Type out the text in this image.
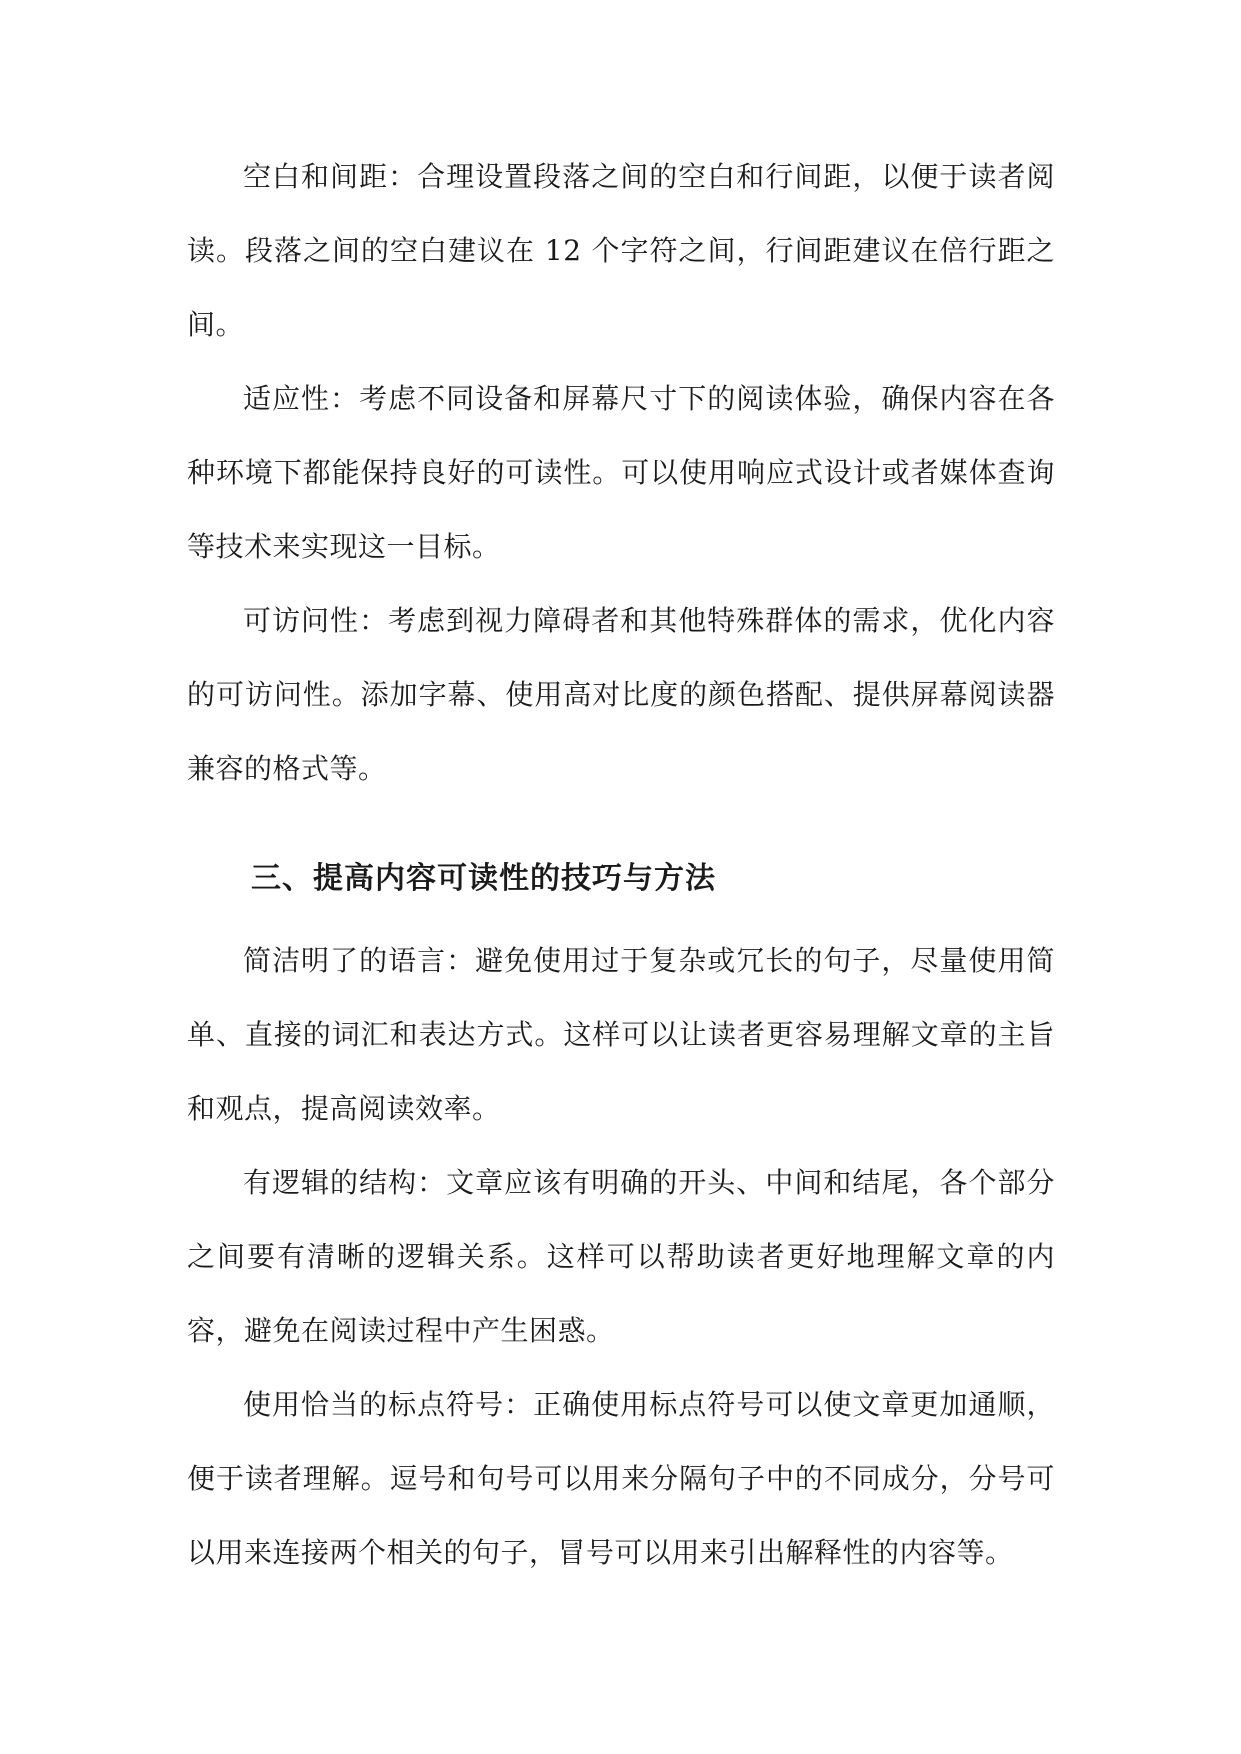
空白和间距：合理设置段落之间的空白和行间距，以便于读者阅读。段落之间的空白建议在 12 个字符之间，行间距建议在倍行距之间。

适应性：考虑不同设备和屏幕尺寸下的阅读体验，确保内容在各种环境下都能保持良好的可读性。可以使用响应式设计或者媒体查询等技术来实现这一目标。

可访问性：考虑到视力障碍者和其他特殊群体的需求，优化内容的可访问性。添加字幕、使用高对比度的颜色搭配、提供屏幕阅读器兼容的格式等。

三、提高内容可读性的技巧与方法

简洁明了的语言：避免使用过于复杂或冗长的句子，尽量使用简单、直接的词汇和表达方式。这样可以让读者更容易理解文章的主旨和观点，提高阅读效率。

有逻辑的结构：文章应该有明确的开头、中间和结尾，各个部分之间要有清晰的逻辑关系。这样可以帮助读者更好地理解文章的内容，避免在阅读过程中产生困惑。

使用恰当的标点符号：正确使用标点符号可以使文章更加通顺，便于读者理解。逗号和句号可以用来分隔句子中的不同成分，分号可以用来连接两个相关的句子，冒号可以用来引出解释性的内容等。
